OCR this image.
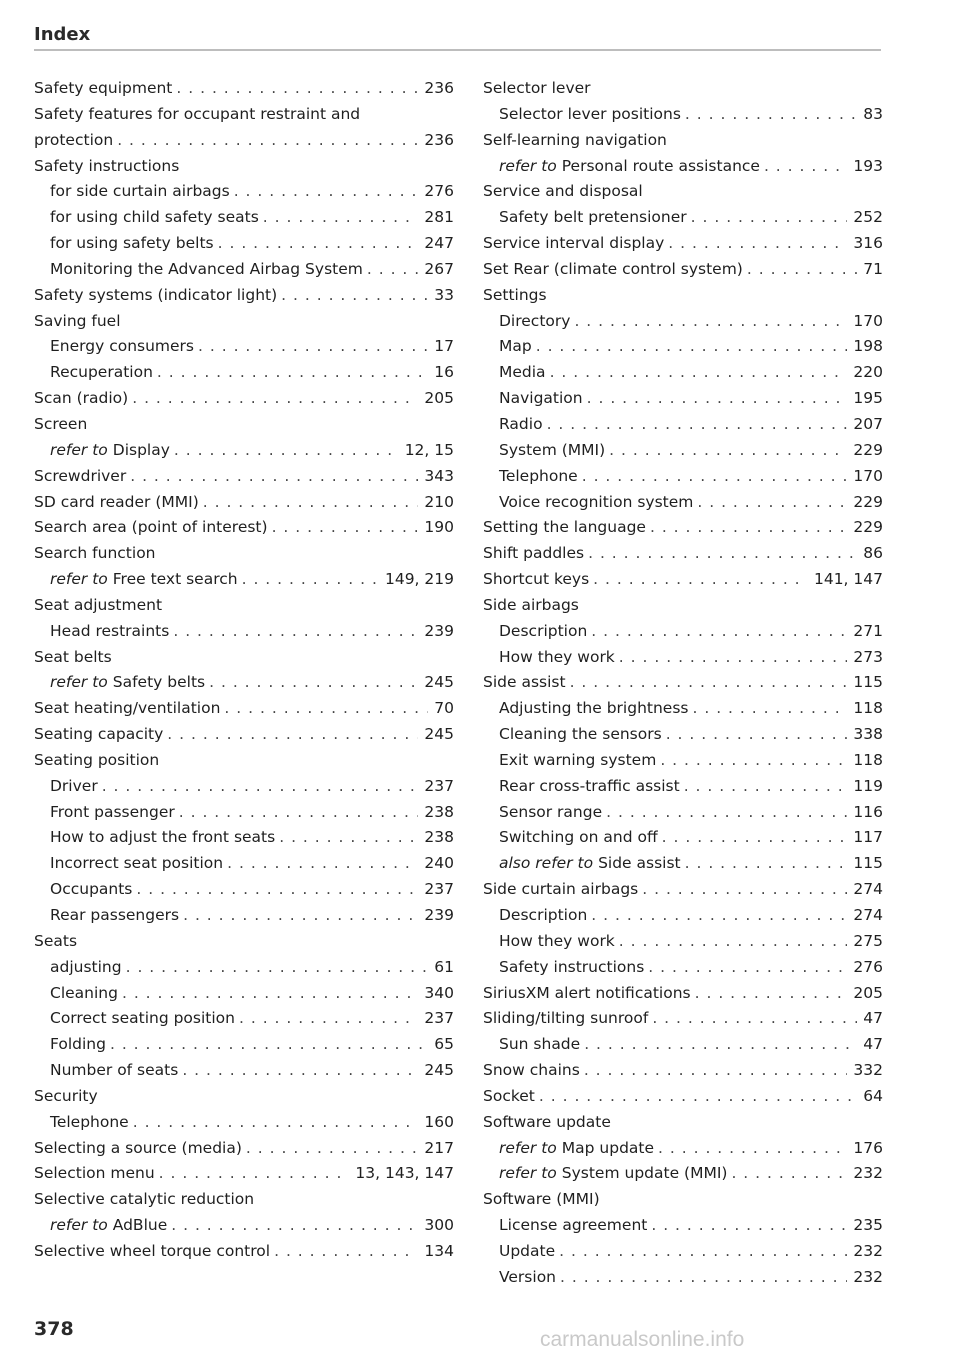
Index
Safety equipment . . .	236
Safety features for occupant restraint and
protection . . .	236
Safety instructions
for side curtain airbags . . .	276
for using child safety seats . . .	281
for using safety belts . . .	247
Monitoring the Advanced Airbag System . . .	267
Safety systems (indicator light) . . .	33
Saving fuel
Energy consumers . . .	17
Recuperation . . .	16
Scan (radio) . . .	205
Screen
refer to Display . . .	12, 15
Screwdriver . . .	343
SD card reader (MMI) . . .	210
Search area (point of interest) . . .	190
Search function
refer to Free text search . . .	149, 219
Seat adjustment
Head restraints . . .	239
Seat belts
refer to Safety belts . . .	245
Seat heating/ventilation . . .	70
Seating capacity . . .	245
Seating position
Driver . . .	237
Front passenger . . .	238
How to adjust the front seats . . .	238
Incorrect seat position . . .	240
Occupants . . .	237
Rear passengers . . .	239
Seats
adjusting . . .	61
Cleaning . . .	340
Correct seating position . . .	237
Folding . . .	65
Number of seats . . .	245
Security
Telephone . . .	160
Selecting a source (media) . . .	217
Selection menu . . .	13, 143, 147
Selective catalytic reduction
refer to AdBlue . . .	300
Selective wheel torque control . . .	134
Selector lever
Selector lever positions . . .	83
Self-learning navigation
refer to Personal route assistance . . .	193
Service and disposal
Safety belt pretensioner . . .	252
Service interval display . . .	316
Set Rear (climate control system) . . .	71
Settings
Directory . . .	170
Map . . .	198
Media . . .	220
Navigation . . .	195
Radio . . .	207
System (MMI) . . .	229
Telephone . . .	170
Voice recognition system . . .	229
Setting the language . . .	229
Shift paddles . . .	86
Shortcut keys . . .	141, 147
Side airbags
Description . . .	271
How they work . . .	273
Side assist . . .	115
Adjusting the brightness . . .	118
Cleaning the sensors . . .	338
Exit warning system . . .	118
Rear cross-traffic assist . . .	119
Sensor range . . .	116
Switching on and off . . .	117
also refer to Side assist . . .	115
Side curtain airbags . . .	274
Description . . .	274
How they work . . .	275
Safety instructions . . .	276
SiriusXM alert notifications . . .	205
Sliding/tilting sunroof . . .	47
Sun shade . . .	47
Snow chains . . .	332
Socket . . .	64
Software update
refer to Map update . . .	176
refer to System update (MMI) . . .	232
Software (MMI)
License agreement . . .	235
Update . . .	232
Version . . .	232
378	carmanualsonline.info
